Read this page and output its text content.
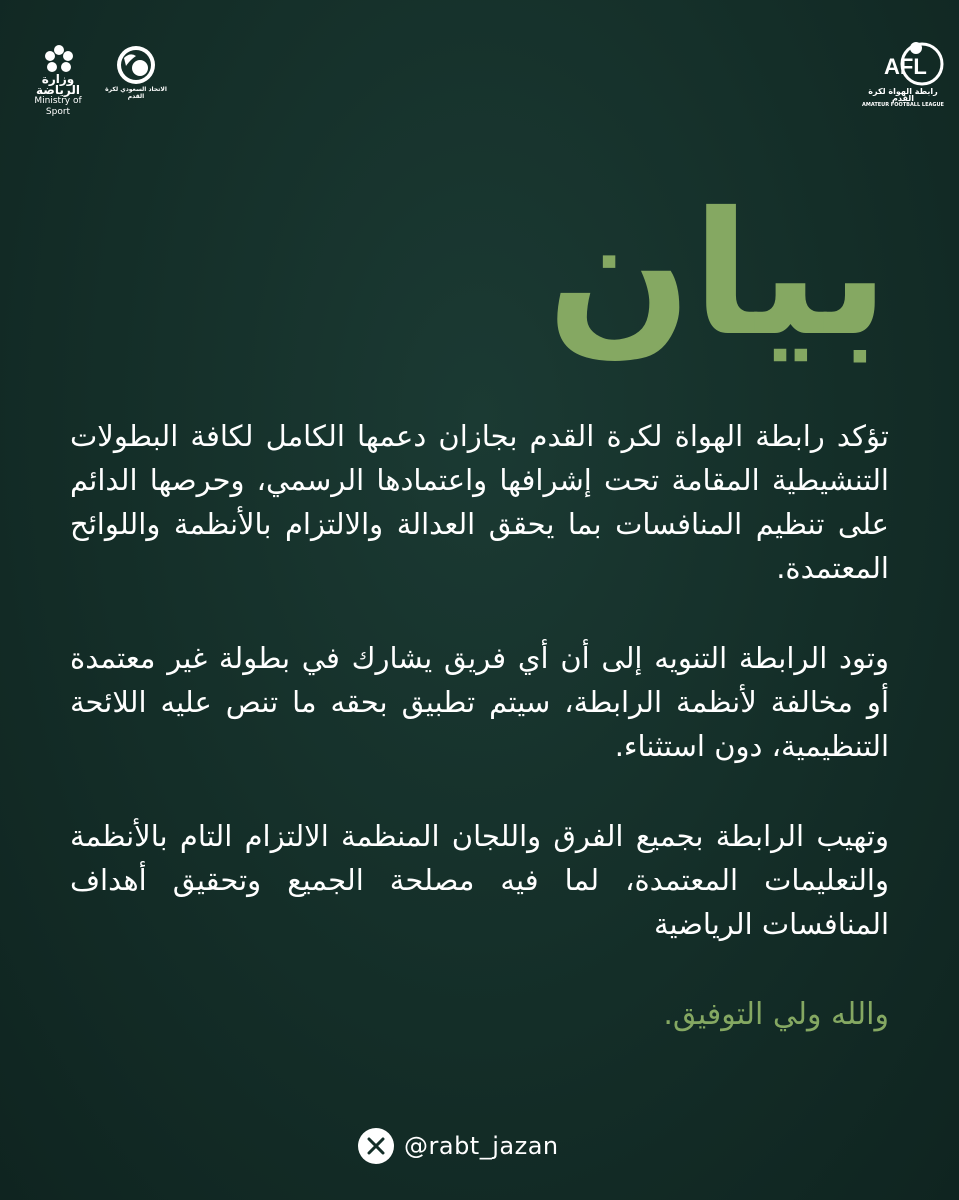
وزارة الرياضة
Ministry of Sport
الاتحاد السعودي لكرة القدم
AFL
رابطة الهواة لكرة القدم
AMATEUR FOOTBALL LEAGUE
بيان

تؤكد رابطة الهواة لكرة القدم بجازان دعمها الكامل لكافة البطولات التنشيطية المقامة تحت إشرافها واعتمادها الرسمي، وحرصها الدائم على تنظيم المنافسات بما يحقق العدالة والالتزام بالأنظمة واللوائح المعتمدة.

وتود الرابطة التنويه إلى أن أي فريق يشارك في بطولة غير معتمدة أو مخالفة لأنظمة الرابطة، سيتم تطبيق بحقه ما تنص عليه اللائحة التنظيمية، دون استثناء.

وتهيب الرابطة بجميع الفرق واللجان المنظمة الالتزام التام بالأنظمة والتعليمات المعتمدة، لما فيه مصلحة الجميع وتحقيق أهداف المنافسات الرياضية

والله ولي التوفيق.
@rabt_jazan
